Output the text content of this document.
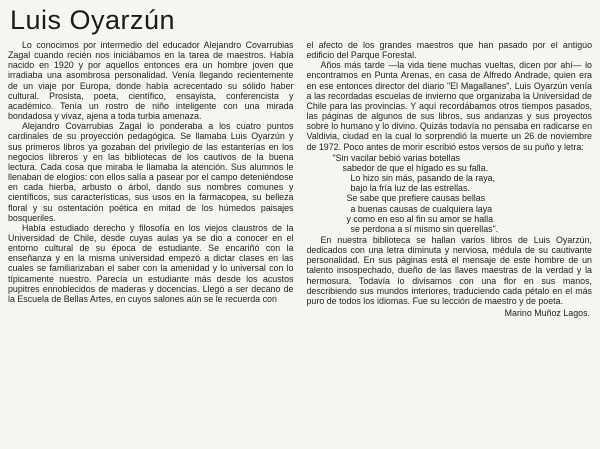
Luis Oyarzún

Lo conocimos por intermedio del educador Alejandro Covarrubias Zagal cuando recién nos iniciábamos en la tarea de maestros. Había nacido en 1920 y por aquellos entonces era un hombre joven que irradiaba una asombrosa personalidad. Venía llegando recientemente de un viaje por Europa, donde había acrecentado su sólido haber cultural. Prosista, poeta, científico, ensayista, conferencista y académico. Tenía un rostro de niño inteligente con una mirada bondadosa y vivaz, ajena a toda turbia amenaza.

Alejandro Covarrubias Zagal lo ponderaba a los cuatro puntos cardinales de su proyección pedagógica. Se llamaba Luis Oyarzún y sus primeros libros ya gozaban del privilegio de las estanterías en los negocios libreros y en las bibliotecas de los cautivos de la buena lectura. Cada cosa que miraba le llamaba la atención. Sus alumnos le llenaban de elogios: con ellos salía a pasear por el campo deteniéndose en cada hierba, arbusto o árbol, dando sus nombres comunes y científicos, sus características, sus usos en la farmacopea, su belleza floral y su ostentación poética en mitad de los húmedos paisajes bosqueriles.

Había estudiado derecho y filosofía en los viejos claustros de la Universidad de Chile, desde cuyas aulas ya se dio a conocer en el entorno cultural de su época de estudiante. Se encariñó con la enseñanza y en la misma universidad empezó a dictar clases en las cuales se familiarizaban el saber con la amenidad y lo universal con lo típicamente nuestro. Parecía un estudiante más desde los acustos pupitres ennoblecidos de maderas y docencias. Llegó a ser decano de la Escuela de Bellas Artes, en cuyos salones aún se le recuerda con

el afecto de los grandes maestros que han pasado por el antiguo edificio del Parque Forestal.

Años más tarde —la vida tiene muchas vueltas, dicen por ahí— lo encontramos en Punta Arenas, en casa de Alfredo Andrade, quien era en ese entonces director del diario "El Magallanes". Luis Oyarzún venía a las recordadas escuelas de invierno que organizaba la Universidad de Chile para las provincias. Y aquí recordábamos otros tiempos pasados, las páginas de algunos de sus libros, sus andanzas y sus proyectos sobre lo humano y lo divino. Quizás todavía no pensaba en radicarse en Valdivia, ciudad en la cual lo sorprendió la muerte un 26 de noviembre de 1972. Poco antes de morir escribió estos versos de su puño y letra:

"Sin vacilar bebió varias botellas
sabedor de que el hígado es su falla.
Lo hizo sin más, pasando de la raya,
bajo la fría luz de las estrellas.
Se sabe que prefiere causas bellas
a buenas causas de cualquiera laya
y como en eso al fin su amor se halla
se perdona a sí mismo sin querellas".

En nuestra biblioteca se hallan varios libros de Luis Oyarzún, dedicados con una letra diminuta y nerviosa, médula de su cautivante personalidad. En sus páginas está el mensaje de este hombre de un talento insospechado, dueño de las llaves maestras de la verdad y la hermosura. Todavía lo divisamos con una flor en sus manos, describiendo sus mundos interiores, traduciendo cada pétalo en el más puro de todos los idiomas. Fue su lección de maestro y de poeta.

Marino Muñoz Lagos.
